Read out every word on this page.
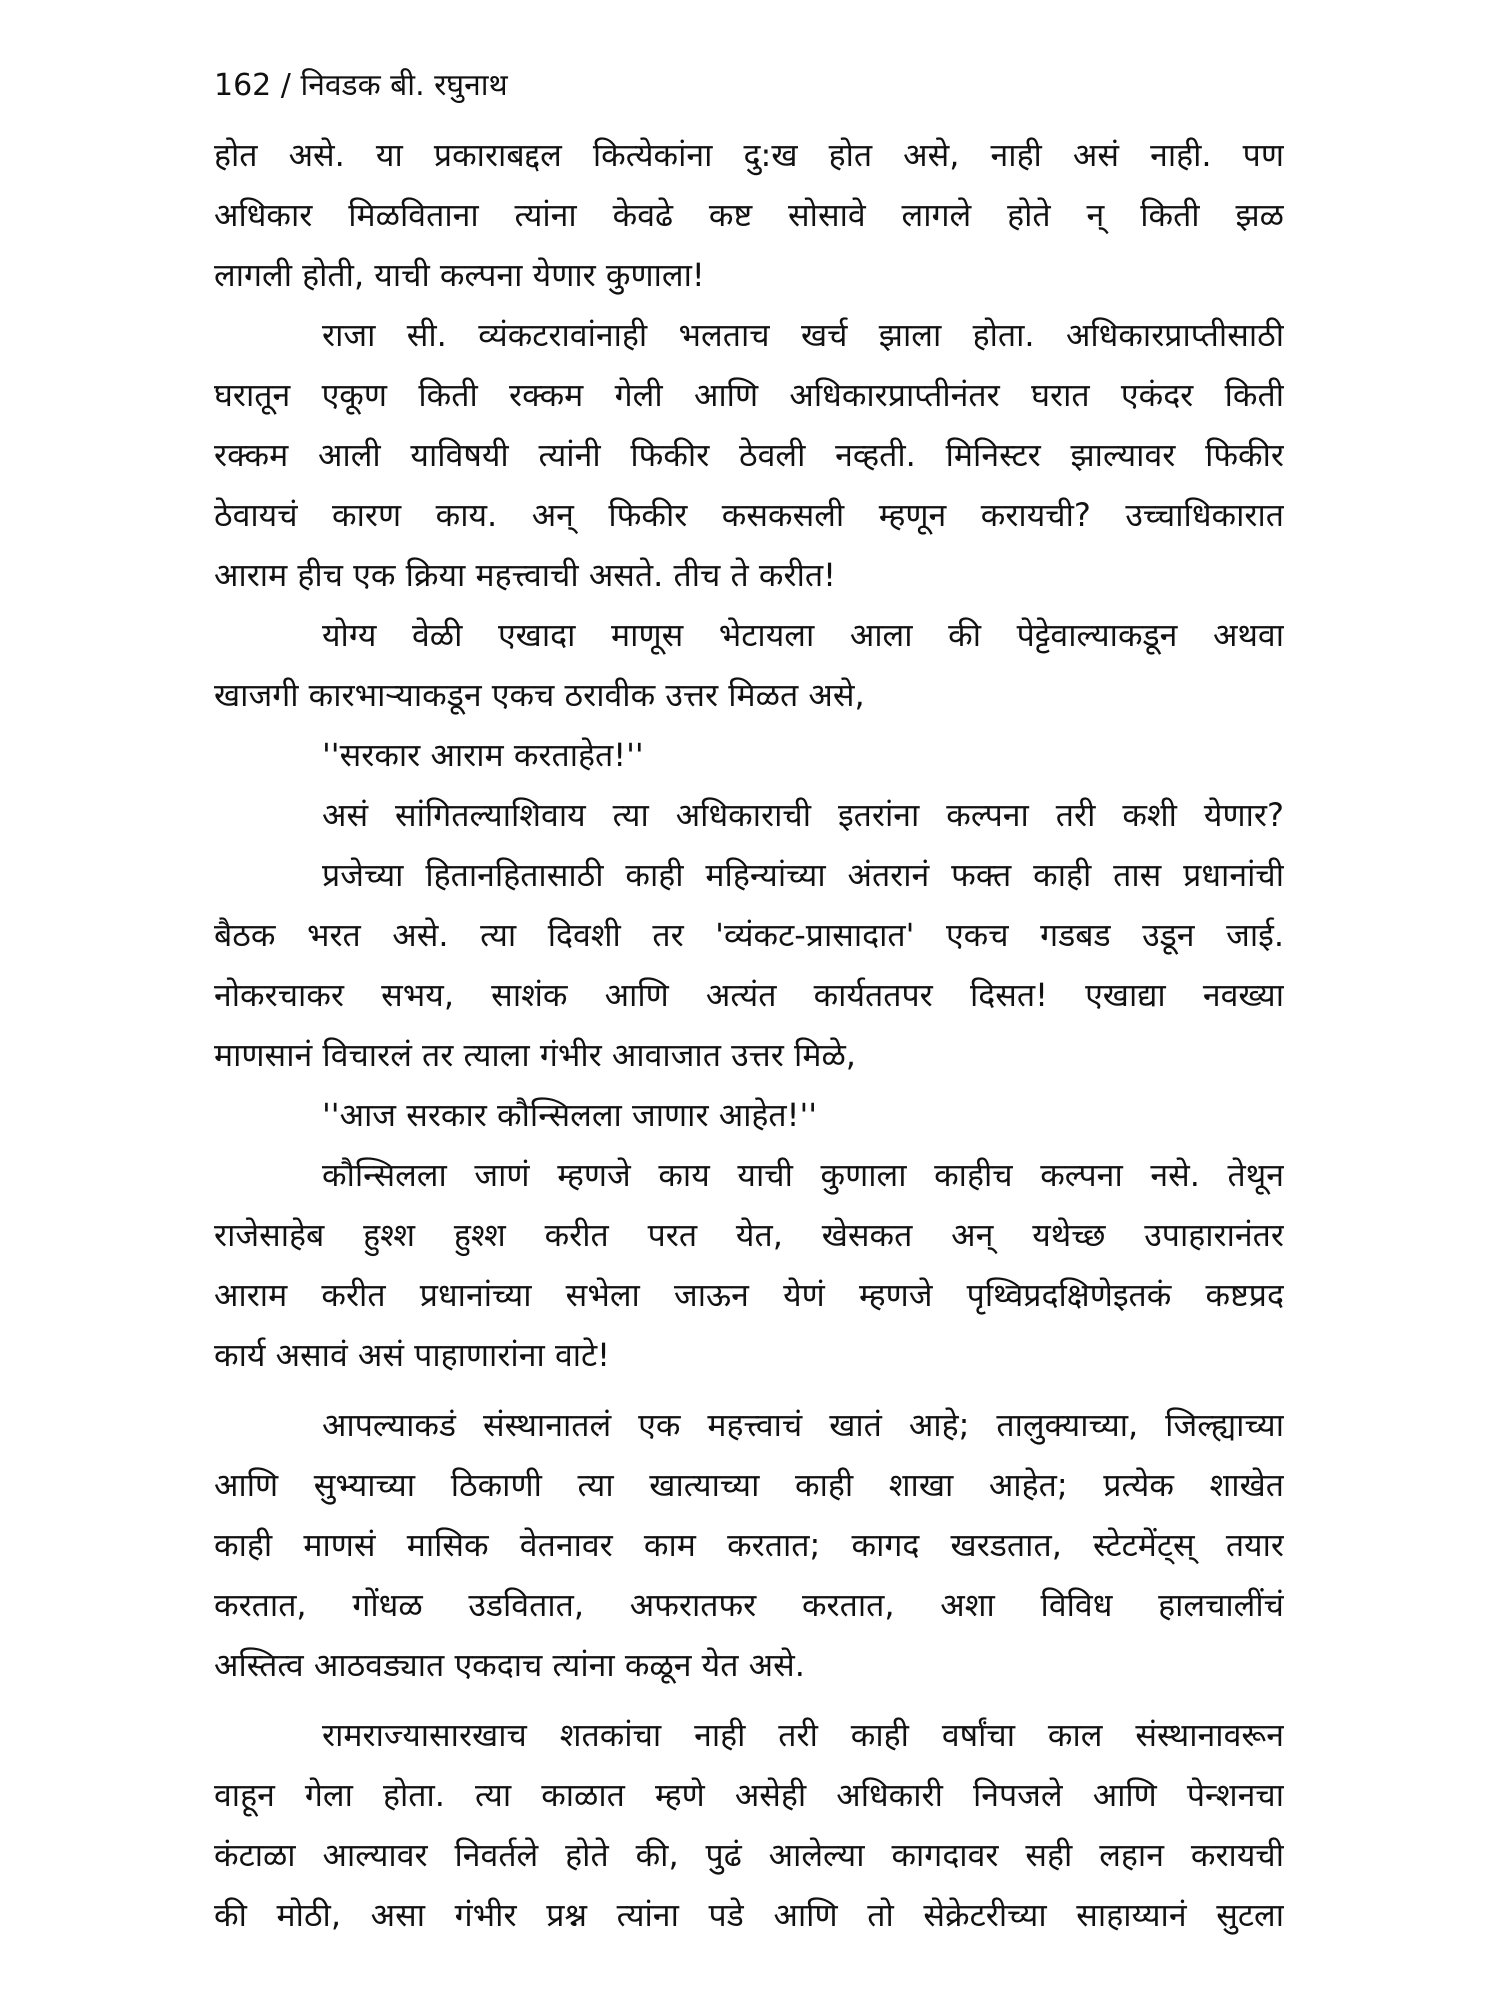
162 / निवडक बी. रघुनाथ
होत असे. या प्रकाराबद्दल कित्येकांना दु:ख होत असे, नाही असं नाही. पण
अधिकार मिळविताना त्यांना केवढे कष्ट सोसावे लागले होते न् किती झळ
लागली होती, याची कल्पना येणार कुणाला!
राजा सी. व्यंकटरावांनाही भलताच खर्च झाला होता. अधिकारप्राप्तीसाठी
घरातून एकूण किती रक्कम गेली आणि अधिकारप्राप्तीनंतर घरात एकंदर किती
रक्कम आली याविषयी त्यांनी फिकीर ठेवली नव्हती. मिनिस्टर झाल्यावर फिकीर
ठेवायचं कारण काय. अन् फिकीर कसकसली म्हणून करायची? उच्चाधिकारात
आराम हीच एक क्रिया महत्त्वाची असते. तीच ते करीत!
योग्य वेळी एखादा माणूस भेटायला आला की पेट्टेवाल्याकडून अथवा
खाजगी कारभाऱ्याकडून एकच ठरावीक उत्तर मिळत असे,
''सरकार आराम करताहेत!''
असं सांगितल्याशिवाय त्या अधिकाराची इतरांना कल्पना तरी कशी येणार?
प्रजेच्या हितानहितासाठी काही महिन्यांच्या अंतरानं फक्त काही तास प्रधानांची
बैठक भरत असे. त्या दिवशी तर 'व्यंकट-प्रासादात' एकच गडबड उडून जाई.
नोकरचाकर सभय, साशंक आणि अत्यंत कार्यततपर दिसत! एखाद्या नवख्या
माणसानं विचारलं तर त्याला गंभीर आवाजात उत्तर मिळे,
''आज सरकार कौन्सिलला जाणार आहेत!''
कौन्सिलला जाणं म्हणजे काय याची कुणाला काहीच कल्पना नसे. तेथून
राजेसाहेब हुश्श हुश्श करीत परत येत, खेसकत अन् यथेच्छ उपाहारानंतर
आराम करीत प्रधानांच्या सभेला जाऊन येणं म्हणजे पृथ्विप्रदक्षिणेइतकं कष्टप्रद
कार्य असावं असं पाहाणारांना वाटे!
आपल्याकडं संस्थानातलं एक महत्त्वाचं खातं आहे; तालुक्याच्या, जिल्ह्याच्या
आणि सुभ्याच्या ठिकाणी त्या खात्याच्या काही शाखा आहेत; प्रत्येक शाखेत
काही माणसं मासिक वेतनावर काम करतात; कागद खरडतात, स्टेटमेंट्स् तयार
करतात, गोंधळ उडवितात, अफरातफर करतात, अशा विविध हालचालींचं
अस्तित्व आठवड्यात एकदाच त्यांना कळून येत असे.
रामराज्यासारखाच शतकांचा नाही तरी काही वर्षांचा काल संस्थानावरून
वाहून गेला होता. त्या काळात म्हणे असेही अधिकारी निपजले आणि पेन्शनचा
कंटाळा आल्यावर निवर्तले होते की, पुढं आलेल्या कागदावर सही लहान करायची
की मोठी, असा गंभीर प्रश्न त्यांना पडे आणि तो सेक्रेटरीच्या साहाय्यानं सुटला
